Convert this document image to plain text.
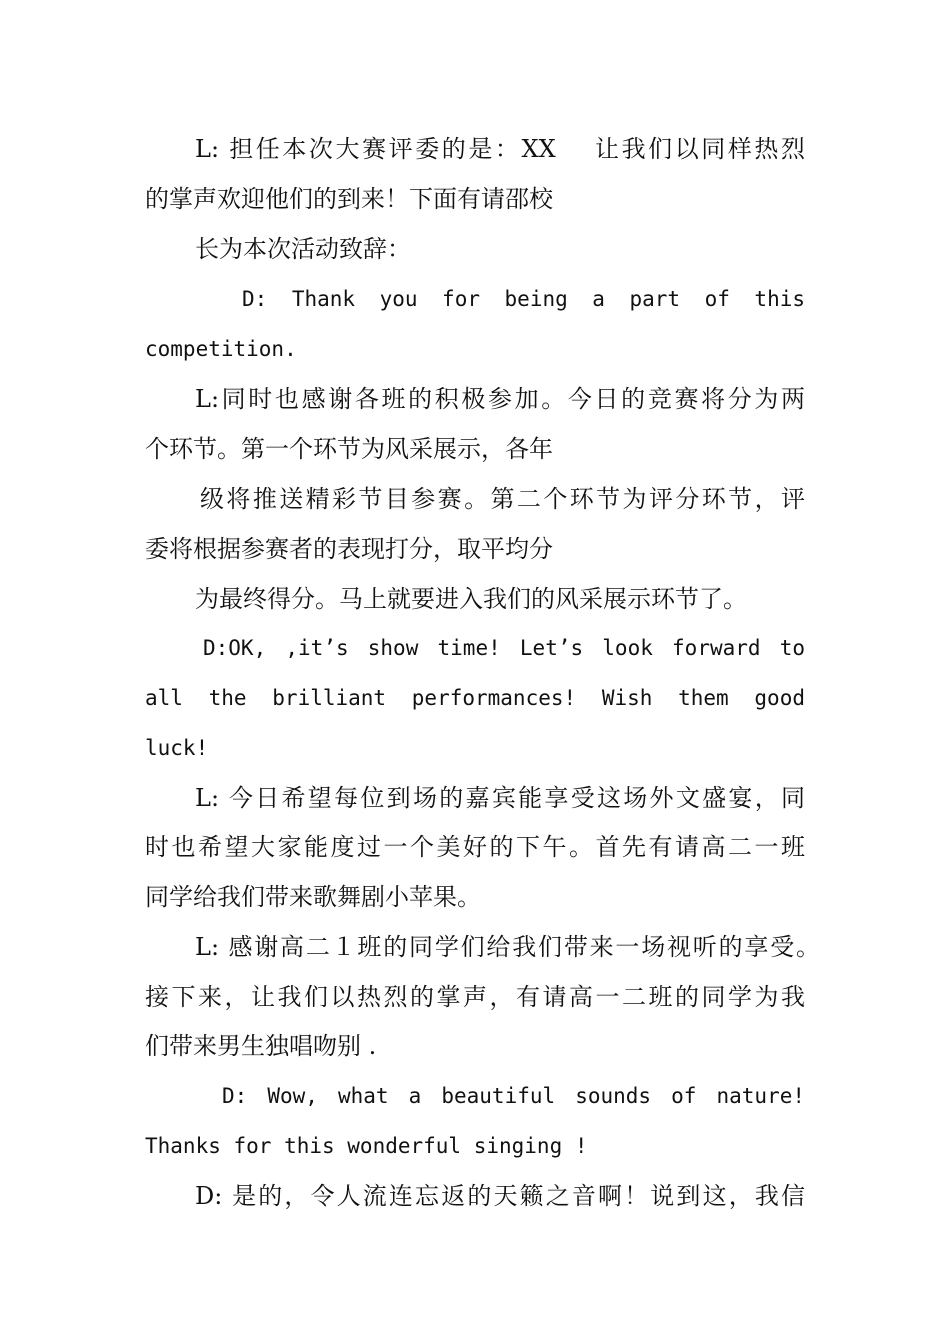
L: 担任本次大赛评委的是：XX　 让我们以同样热烈
的掌声欢迎他们的到来！下面有请邵校
长为本次活动致辞：
D: Thank you for being a part of this
competition.
L:同时也感谢各班的积极参加。今日的竞赛将分为两
个环节。第一个环节为风采展示，各年
级将推送精彩节目参赛。第二个环节为评分环节，评
委将根据参赛者的表现打分，取平均分
为最终得分。马上就要进入我们的风采展示环节了。
D:OK, ,it’s show time! Let’s look forward to
all the brilliant performances! Wish them good
luck!
L: 今日希望每位到场的嘉宾能享受这场外文盛宴，同
时也希望大家能度过一个美好的下午。首先有请高二一班
同学给我们带来歌舞剧小苹果。
L: 感谢高二１班的同学们给我们带来一场视听的享受。
接下来，让我们以热烈的掌声，有请高一二班的同学为我
们带来男生独唱吻别 .
D: Wow, what a beautiful sounds of nature!
Thanks for this wonderful singing !
D: 是的，令人流连忘返的天籁之音啊！说到这，我信
